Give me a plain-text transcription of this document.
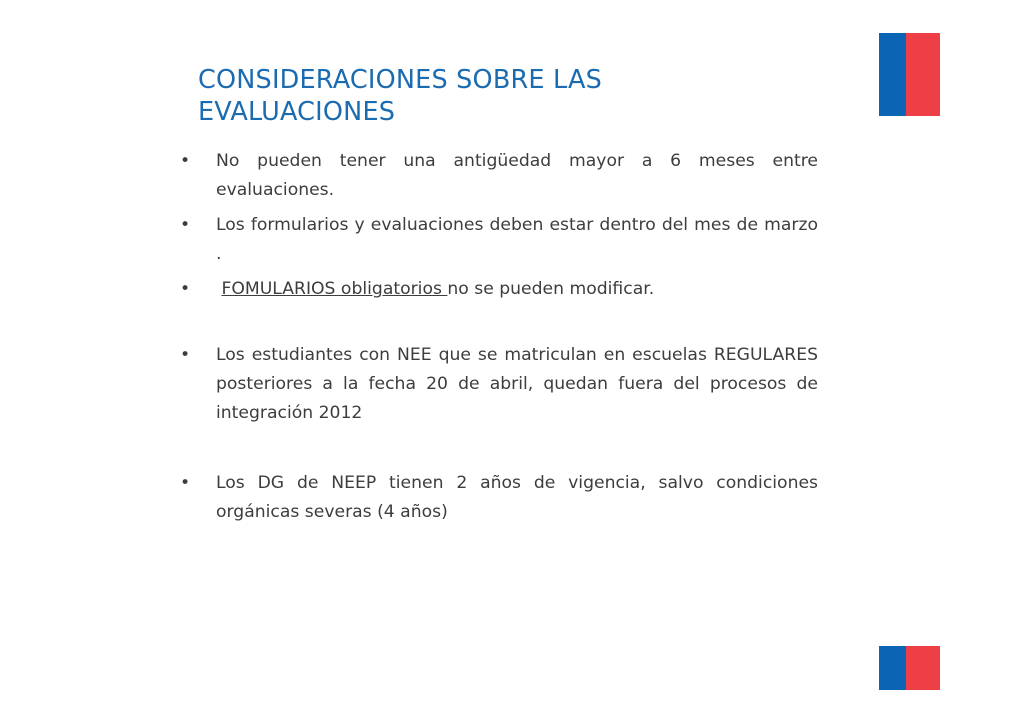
CONSIDERACIONES SOBRE LAS
EVALUACIONES
• No pueden tener una antigüedad mayor a 6 meses entre evaluaciones.
• Los formularios y evaluaciones deben estar dentro del mes de marzo .
• FOMULARIOS obligatorios no se pueden modificar.
• Los estudiantes con NEE que se matriculan en escuelas REGULARES posteriores a la fecha 20 de abril, quedan fuera del procesos de integración 2012
• Los DG de NEEP tienen 2 años de vigencia, salvo condiciones orgánicas severas (4 años)
